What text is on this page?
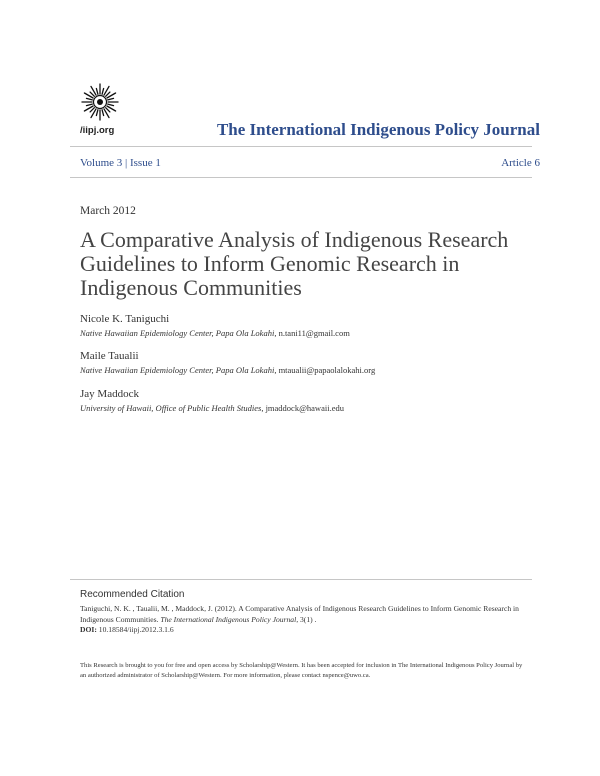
/iipj.org	The International Indigenous Policy Journal
Volume 3 | Issue 1	Article 6
March 2012
A Comparative Analysis of Indigenous Research Guidelines to Inform Genomic Research in Indigenous Communities
Nicole K. Taniguchi
Native Hawaiian Epidemiology Center, Papa Ola Lokahi, n.tani11@gmail.com
Maile Taualii
Native Hawaiian Epidemiology Center, Papa Ola Lokahi, mtaualii@papaolalokahi.org
Jay Maddock
University of Hawaii, Office of Public Health Studies, jmaddock@hawaii.edu
Recommended Citation
Taniguchi, N. K. , Taualii, M. , Maddock, J. (2012). A Comparative Analysis of Indigenous Research Guidelines to Inform Genomic Research in Indigenous Communities. The International Indigenous Policy Journal, 3(1) .
DOI: 10.18584/iipj.2012.3.1.6
This Research is brought to you for free and open access by Scholarship@Western. It has been accepted for inclusion in The International Indigenous Policy Journal by an authorized administrator of Scholarship@Western. For more information, please contact nspence@uwo.ca.
